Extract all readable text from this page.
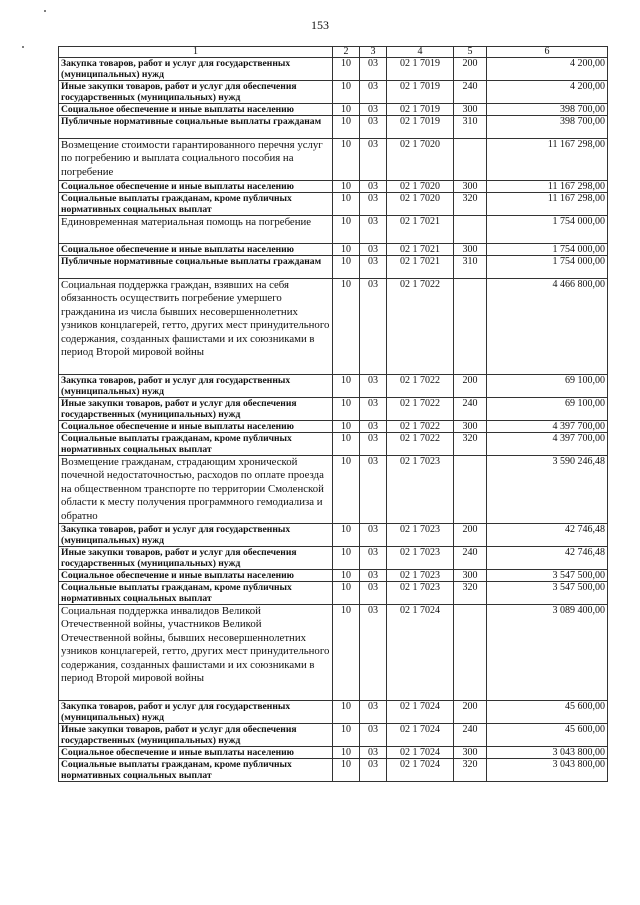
153
1	2	3	4	5	6
Закупка товаров, работ и услуг для государственных (муниципальных) нужд	10	03	02 1 7019	200	4 200,00
Иные закупки товаров, работ и услуг для обеспечения государственных (муниципальных) нужд	10	03	02 1 7019	240	4 200,00
Социальное обеспечение и иные выплаты населению	10	03	02 1 7019	300	398 700,00
Публичные нормативные социальные выплаты гражданам	10	03	02 1 7019	310	398 700,00
Возмещение стоимости гарантированного перечня услуг по погребению и выплата социального пособия на погребение	10	03	02 1 7020		11 167 298,00
Социальное обеспечение и иные выплаты населению	10	03	02 1 7020	300	11 167 298,00
Социальные выплаты гражданам, кроме публичных нормативных социальных выплат	10	03	02 1 7020	320	11 167 298,00
Единовременная материальная помощь на погребение	10	03	02 1 7021		1 754 000,00
Социальное обеспечение и иные выплаты населению	10	03	02 1 7021	300	1 754 000,00
Публичные нормативные социальные выплаты гражданам	10	03	02 1 7021	310	1 754 000,00
Социальная поддержка граждан, взявших на себя обязанность осуществить погребение умершего гражданина из числа бывших несовершеннолетних узников концлагерей, гетто, других мест принудительного содержания, созданных фашистами и их союзниками в период Второй мировой войны	10	03	02 1 7022		4 466 800,00
Закупка товаров, работ и услуг для государственных (муниципальных) нужд	10	03	02 1 7022	200	69 100,00
Иные закупки товаров, работ и услуг для обеспечения государственных (муниципальных) нужд	10	03	02 1 7022	240	69 100,00
Социальное обеспечение и иные выплаты населению	10	03	02 1 7022	300	4 397 700,00
Социальные выплаты гражданам, кроме публичных нормативных социальных выплат	10	03	02 1 7022	320	4 397 700,00
Возмещение гражданам, страдающим хронической почечной недостаточностью, расходов по оплате проезда на общественном транспорте по территории Смоленской области к месту получения программного гемодиализа и обратно	10	03	02 1 7023		3 590 246,48
Закупка товаров, работ и услуг для государственных (муниципальных) нужд	10	03	02 1 7023	200	42 746,48
Иные закупки товаров, работ и услуг для обеспечения государственных (муниципальных) нужд	10	03	02 1 7023	240	42 746,48
Социальное обеспечение и иные выплаты населению	10	03	02 1 7023	300	3 547 500,00
Социальные выплаты гражданам, кроме публичных нормативных социальных выплат	10	03	02 1 7023	320	3 547 500,00
Социальная поддержка инвалидов Великой Отечественной войны, участников Великой Отечественной войны, бывших несовершеннолетних узников концлагерей, гетто, других мест принудительного содержания, созданных фашистами и их союзниками в период Второй мировой войны	10	03	02 1 7024		3 089 400,00
Закупка товаров, работ и услуг для государственных (муниципальных) нужд	10	03	02 1 7024	200	45 600,00
Иные закупки товаров, работ и услуг для обеспечения государственных (муниципальных) нужд	10	03	02 1 7024	240	45 600,00
Социальное обеспечение и иные выплаты населению	10	03	02 1 7024	300	3 043 800,00
Социальные выплаты гражданам, кроме публичных нормативных социальных выплат	10	03	02 1 7024	320	3 043 800,00
